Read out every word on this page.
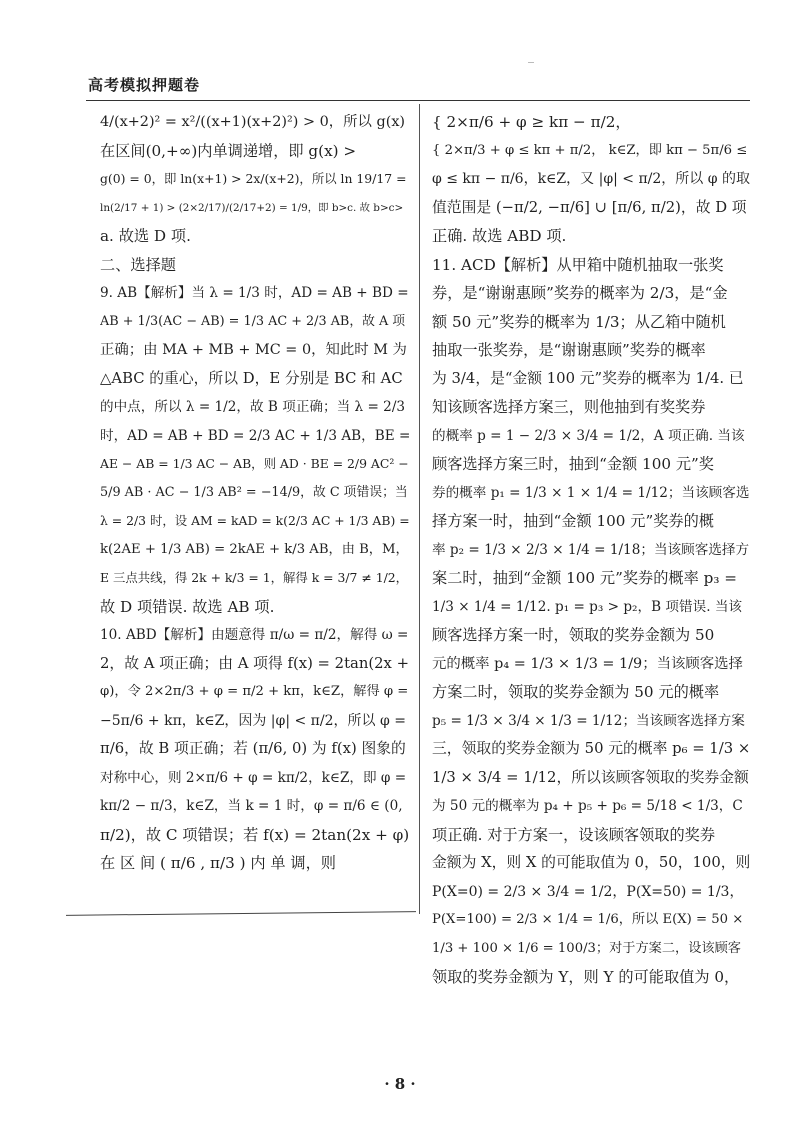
高考模拟押题卷
4/(x+2)² = x²/((x+1)(x+2)²) > 0，所以 g(x)
在区间(0,+∞)内单调递增，即 g(x) >
g(0) = 0，即 ln(x+1) > 2x/(x+2)，所以 ln 19/17 =
ln(2/17 + 1) > (2×2/17)/(2/17+2) = 1/9，即 b>c. 故 b>c>
a. 故选 D 项.
二、选择题
9. AB【解析】当 λ = 1/3 时，AD = AB + BD =
AB + 1/3(AC − AB) = 1/3 AC + 2/3 AB，故 A 项
正确；由 MA + MB + MC = 0，知此时 M 为
△ABC 的重心，所以 D，E 分别是 BC 和 AC
的中点，所以 λ = 1/2，故 B 项正确；当 λ = 2/3
时，AD = AB + BD = 2/3 AC + 1/3 AB，BE =
AE − AB = 1/3 AC − AB，则 AD · BE = 2/9 AC² −
5/9 AB · AC − 1/3 AB² = −14/9，故 C 项错误；当
λ = 2/3 时，设 AM = kAD = k(2/3 AC + 1/3 AB) =
k(2AE + 1/3 AB) = 2kAE + k/3 AB，由 B，M，
E 三点共线，得 2k + k/3 = 1，解得 k = 3/7 ≠ 1/2，
故 D 项错误. 故选 AB 项.
10. ABD【解析】由题意得 π/ω = π/2，解得 ω =
2，故 A 项正确；由 A 项得 f(x) = 2tan(2x +
φ)，令 2×2π/3 + φ = π/2 + kπ，k∈Z，解得 φ =
−5π/6 + kπ，k∈Z，因为 |φ| < π/2，所以 φ =
π/6，故 B 项正确；若 (π/6, 0) 为 f(x) 图象的
对称中心，则 2×π/6 + φ = kπ/2，k∈Z，即 φ =
kπ/2 − π/3，k∈Z，当 k = 1 时，φ = π/6 ∈ (0,
π/2)，故 C 项错误；若 f(x) = 2tan(2x + φ)
在 区 间 ( π/6 , π/3 ) 内 单 调，则
{ 2×π/6 + φ ≥ kπ − π/2，
{ 2×π/3 + φ ≤ kπ + π/2， k∈Z，即 kπ − 5π/6 ≤
φ ≤ kπ − π/6，k∈Z，又 |φ| < π/2，所以 φ 的取
值范围是 (−π/2, −π/6] ∪ [π/6, π/2)，故 D 项
正确. 故选 ABD 项.
11. ACD【解析】从甲箱中随机抽取一张奖
券，是“谢谢惠顾”奖券的概率为 2/3，是“金
额 50 元”奖券的概率为 1/3；从乙箱中随机
抽取一张奖券，是“谢谢惠顾”奖券的概率
为 3/4，是“金额 100 元”奖券的概率为 1/4. 已
知该顾客选择方案三，则他抽到有奖奖券
的概率 p = 1 − 2/3 × 3/4 = 1/2，A 项正确. 当该
顾客选择方案三时，抽到“金额 100 元”奖
券的概率 p₁ = 1/3 × 1 × 1/4 = 1/12；当该顾客选
择方案一时，抽到“金额 100 元”奖券的概
率 p₂ = 1/3 × 2/3 × 1/4 = 1/18；当该顾客选择方
案二时，抽到“金额 100 元”奖券的概率 p₃ =
1/3 × 1/4 = 1/12. p₁ = p₃ > p₂，B 项错误. 当该
顾客选择方案一时，领取的奖券金额为 50
元的概率 p₄ = 1/3 × 1/3 = 1/9；当该顾客选择
方案二时，领取的奖券金额为 50 元的概率
p₅ = 1/3 × 3/4 × 1/3 = 1/12；当该顾客选择方案
三，领取的奖券金额为 50 元的概率 p₆ = 1/3 ×
1/3 × 3/4 = 1/12，所以该顾客领取的奖券金额
为 50 元的概率为 p₄ + p₅ + p₆ = 5/18 < 1/3，C
项正确. 对于方案一，设该顾客领取的奖券
金额为 X，则 X 的可能取值为 0，50，100，则
P(X=0) = 2/3 × 3/4 = 1/2，P(X=50) = 1/3，
P(X=100) = 2/3 × 1/4 = 1/6，所以 E(X) = 50 ×
1/3 + 100 × 1/6 = 100/3；对于方案二，设该顾客
领取的奖券金额为 Y，则 Y 的可能取值为 0，
· 8 ·
